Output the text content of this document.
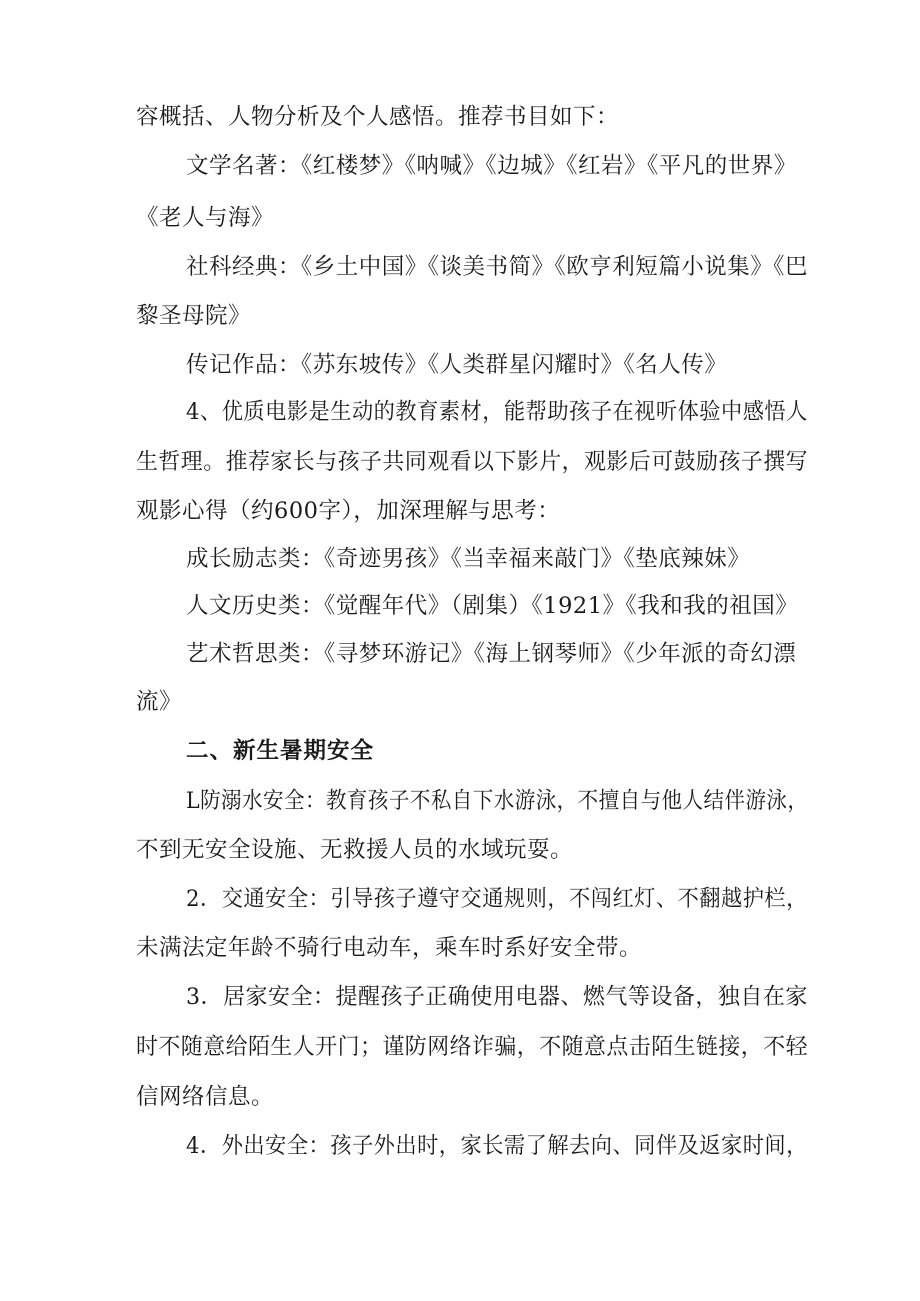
容概括、人物分析及个人感悟。推荐书目如下：
文学名著：《红楼梦》《呐喊》《边城》《红岩》《平凡的世界》
《老人与海》
社科经典：《乡土中国》《谈美书简》《欧亨利短篇小说集》《巴
黎圣母院》
传记作品：《苏东坡传》《人类群星闪耀时》《名人传》
4、优质电影是生动的教育素材，能帮助孩子在视听体验中感悟人
生哲理。推荐家长与孩子共同观看以下影片，观影后可鼓励孩子撰写
观影心得（约600字），加深理解与思考：
成长励志类：《奇迹男孩》《当幸福来敲门》《垫底辣妹》
人文历史类：《觉醒年代》（剧集）《1921》《我和我的祖国》
艺术哲思类：《寻梦环游记》《海上钢琴师》《少年派的奇幻漂
流》
二、新生暑期安全
L防溺水安全：教育孩子不私自下水游泳，不擅自与他人结伴游泳，
不到无安全设施、无救援人员的水域玩耍。
2．交通安全：引导孩子遵守交通规则，不闯红灯、不翻越护栏，
未满法定年龄不骑行电动车，乘车时系好安全带。
3．居家安全：提醒孩子正确使用电器、燃气等设备，独自在家
时不随意给陌生人开门；谨防网络诈骗，不随意点击陌生链接，不轻
信网络信息。
4．外出安全：孩子外出时，家长需了解去向、同伴及返家时间，
